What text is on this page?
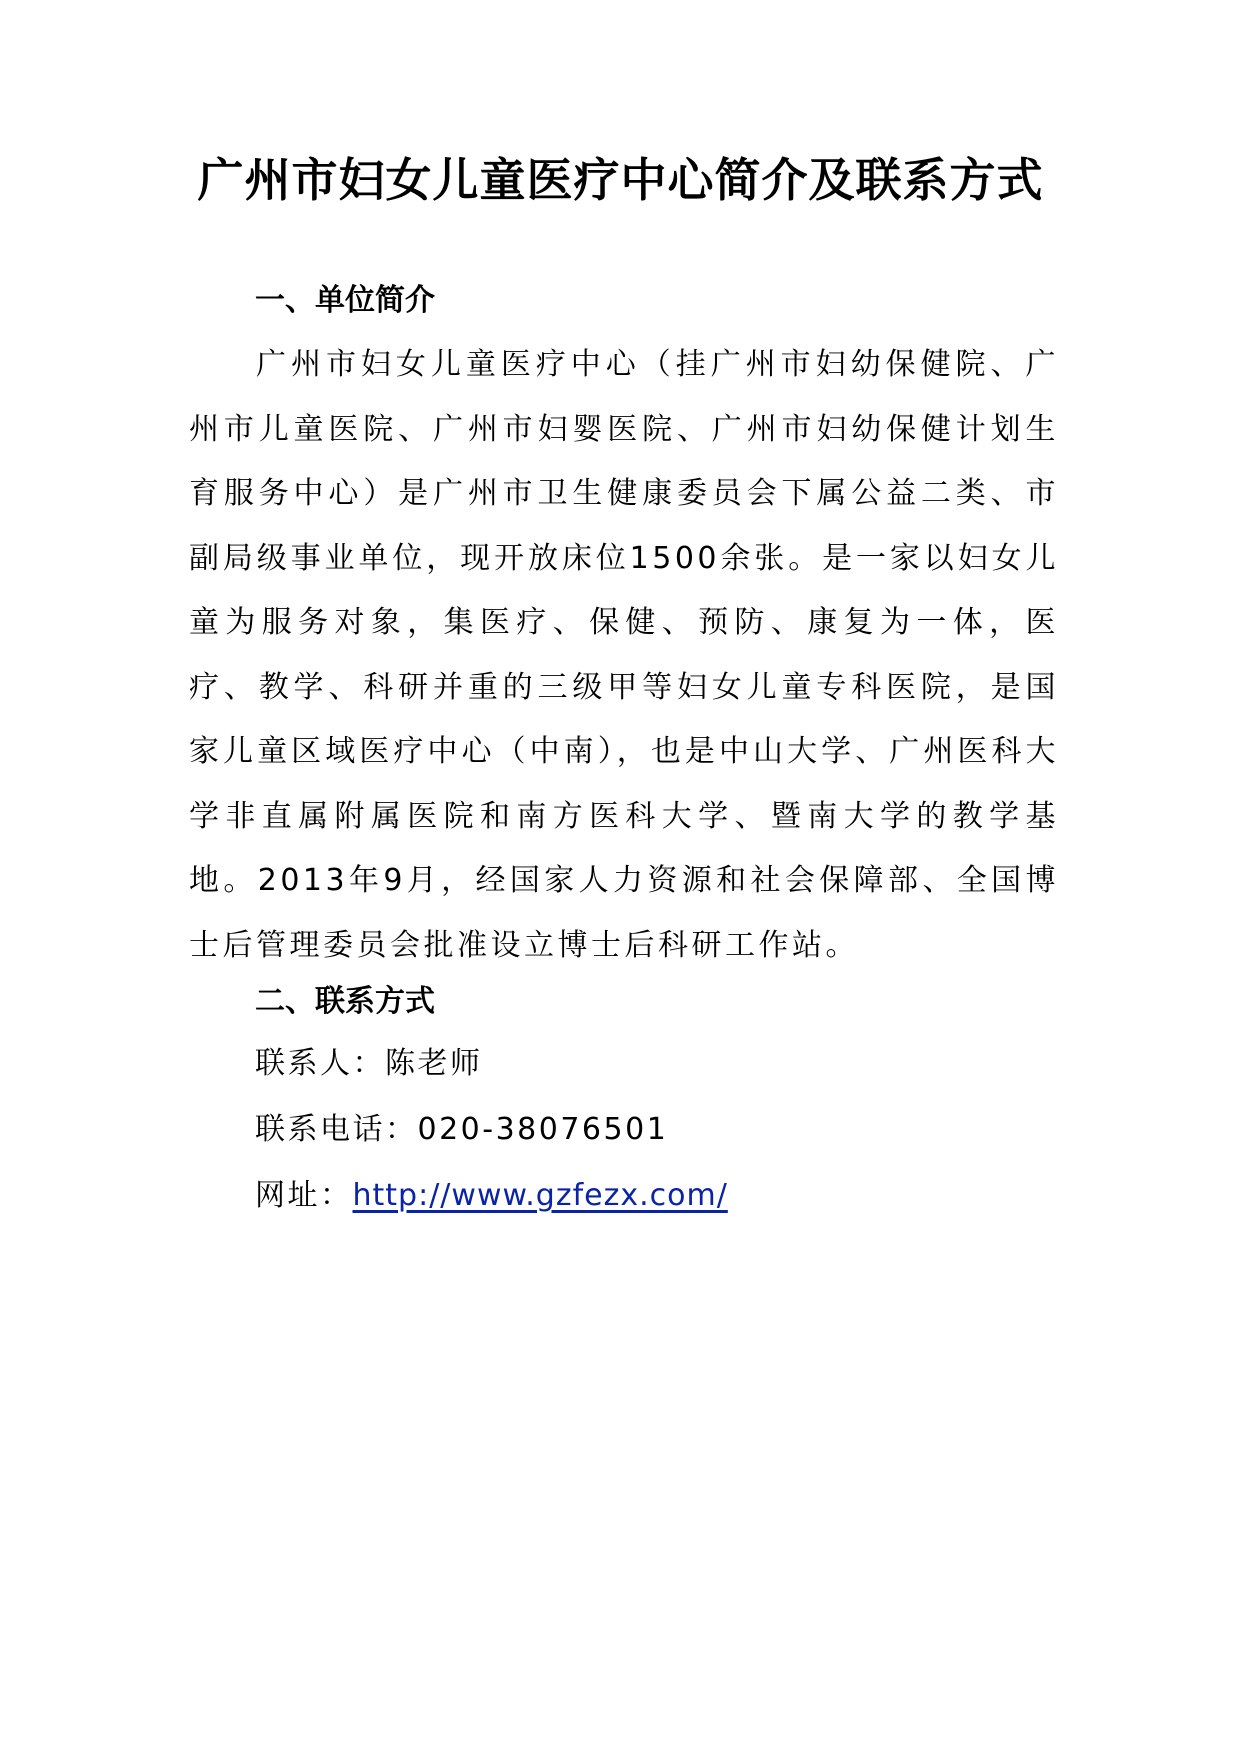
广州市妇女儿童医疗中心简介及联系方式
一、单位简介
广州市妇女儿童医疗中心（挂广州市妇幼保健院、广州市儿童医院、广州市妇婴医院、广州市妇幼保健计划生育服务中心）是广州市卫生健康委员会下属公益二类、市副局级事业单位，现开放床位1500余张。是一家以妇女儿童为服务对象，集医疗、保健、预防、康复为一体，医疗、教学、科研并重的三级甲等妇女儿童专科医院，是国家儿童区域医疗中心（中南），也是中山大学、广州医科大学非直属附属医院和南方医科大学、暨南大学的教学基地。2013年9月，经国家人力资源和社会保障部、全国博士后管理委员会批准设立博士后科研工作站。
二、联系方式
联系人：陈老师
联系电话：020-38076501
网址：http://www.gzfezx.com/
